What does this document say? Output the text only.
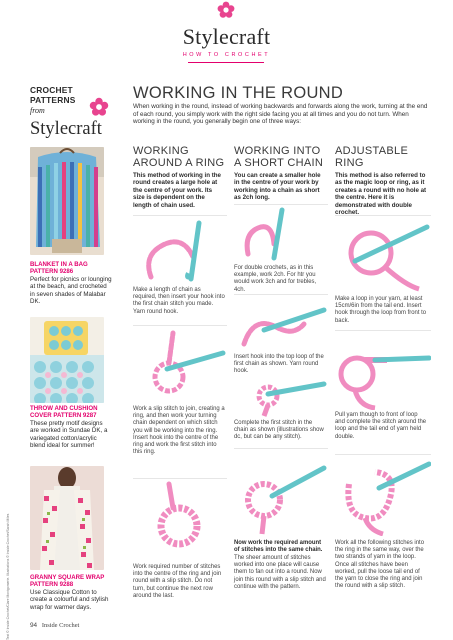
Stylecraft
HOW TO CROCHET
CROCHET
PATTERNS
from
Stylecraft
BLANKET IN A BAG
PATTERN 9286
Perfect for picnics or lounging at the beach, and crocheted in seven shades of Malabar DK.
THROW AND CUSHION
COVER PATTERN 9287
These pretty motif designs are worked in Sundae DK, a variegated cotton/acrylic blend ideal for summer!
GRANNY SQUARE WRAP
PATTERN 9288
Use Classique Cotton to create a colourful and stylish wrap for warmer days.
Text © Inside Crochet/Clare Montgomerie. Illustrations © Inside Crochet/Sarah Miles
WORKING IN THE ROUND
When working in the round, instead of working backwards and forwards along the work, turning at the end of each round, you simply work with the right side facing you at all times and you do not turn. When working in the round, you generally begin one of three ways:
WORKING
AROUND A RING
This method of working in the round creates a large hole at the centre of your work. Its size is dependent on the length of chain used.
WORKING INTO
A SHORT CHAIN
You can create a smaller hole in the centre of your work by working into a chain as short as 2ch long.
ADJUSTABLE
RING
This method is also referred to as the magic loop or ring, as it creates a round with no hole at the centre. Here it is demonstrated with double crochet.
Make a length of chain as required, then insert your hook into the first chain stitch you made. Yarn round hook.
Work a slip stitch to join, creating a ring, and then work your turning chain dependent on which stitch you will be working into the ring. Insert hook into the centre of the ring and work the first stitch into this ring.
Work required number of stitches into the centre of the ring and join round with a slip stitch. Do not turn, but continue the next row around the last.
For double crochets, as in this example, work 2ch. For htr you would work 3ch and for trebles, 4ch.
Insert hook into the top loop of the first chain as shown. Yarn round hook.
Complete the first stitch in the chain as shown (illustrations show dc, but can be any stitch).
Now work the required amount of stitches into the same chain.
The sheer amount of stitches worked into one place will cause them to fan out into a round. Now join this round with a slip stitch and continue with the pattern.
Make a loop in your yarn, at least 15cm/6in from the tail end. Insert hook through the loop from front to back.
Pull yarn though to front of loop and complete the stitch around the loop and the tail end of yarn held double.
Work all the following stitches into the ring in the same way, over the two strands of yarn in the loop. Once all stitches have been worked, pull the loose tail end of the yarn to close the ring and join the round with a slip stitch.
94 Inside Crochet
